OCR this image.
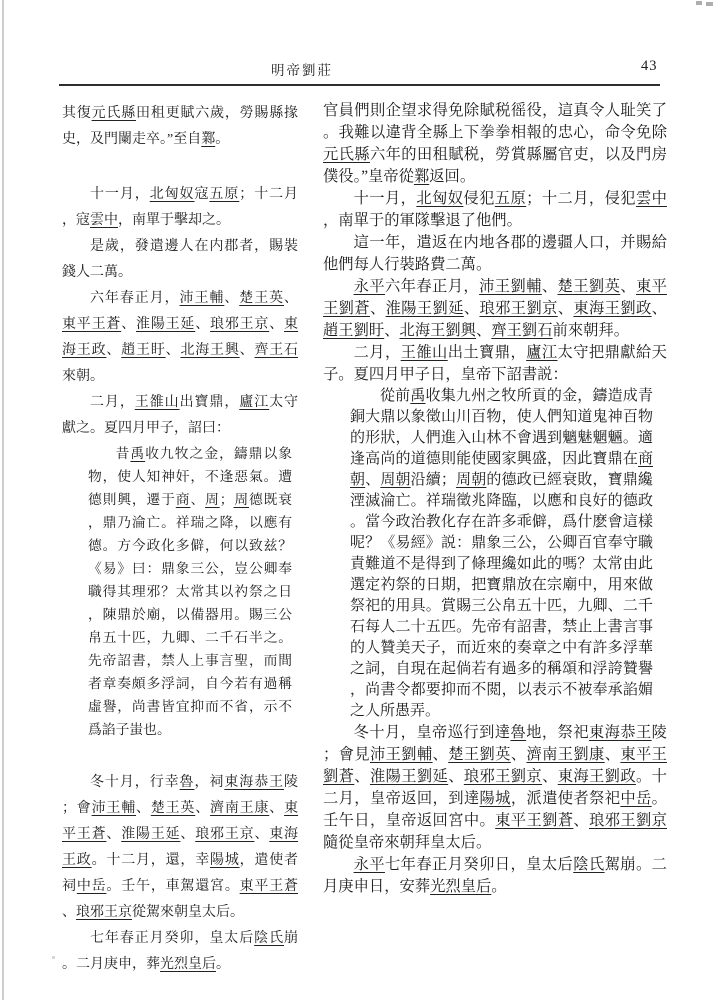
明帝劉莊	43

其復元氏縣田租更賦六歲，勞賜縣掾史，及門闌走卒。”至自鄴。

十一月，北匈奴寇五原；十二月，寇雲中，南單于擊却之。

是歲，發遣邊人在内郡者，賜裝錢人二萬。

六年春正月，沛王輔、楚王英、東平王蒼、淮陽王延、琅邪王京、東海王政、趙王盱、北海王興、齊王石來朝。

二月，王雒山出寶鼎，廬江太守獻之。夏四月甲子，詔曰：

昔禹收九牧之金，鑄鼎以象物，使人知神奸，不逢惡氣。遭德則興，遷于商、周；周德既衰，鼎乃淪亡。祥瑞之降，以應有德。方今政化多僻，何以致兹？《易》曰：鼎象三公，豈公卿奉職得其理邪？太常其以礿祭之日，陳鼎於廟，以備器用。賜三公帛五十匹，九卿、二千石半之。先帝詔書，禁人上事言聖，而間者章奏頗多浮詞，自今若有過稱虛譽，尚書皆宜抑而不省，示不爲諂子蚩也。

冬十月，行幸魯，祠東海恭王陵；會沛王輔、楚王英、濟南王康、東平王蒼、淮陽王延、琅邪王京、東海王政。十二月，還，幸陽城，遣使者祠中岳。壬午，車駕還宮。東平王蒼、琅邪王京從駕來朝皇太后。

七年春正月癸卯，皇太后陰氏崩。二月庚申，葬光烈皇后。

官員們則企望求得免除賦税徭役，這真令人耻笑了。我難以違背全縣上下拳拳相報的忠心，命令免除元氏縣六年的田租賦税，勞賞縣屬官吏，以及門房僕役。”皇帝從鄴返回。

十一月，北匈奴侵犯五原；十二月，侵犯雲中，南單于的軍隊擊退了他們。

這一年，遣返在内地各郡的邊疆人口，并賜給他們每人行裝路費二萬。

永平六年春正月，沛王劉輔、楚王劉英、東平王劉蒼、淮陽王劉延、琅邪王劉京、東海王劉政、趙王劉盱、北海王劉興、齊王劉石前來朝拜。

二月，王雒山出土寶鼎，廬江太守把鼎獻給天子。夏四月甲子日，皇帝下詔書説：

從前禹收集九州之牧所貢的金，鑄造成青銅大鼎以象徵山川百物，使人們知道鬼神百物的形狀，人們進入山林不會遇到魑魅魍魎。適逢高尚的道德則能使國家興盛，因此寶鼎在商朝、周朝沿續；周朝的德政已經衰敗，寶鼎纔湮滅淪亡。祥瑞徵兆降臨，以應和良好的德政。當今政治教化存在許多乖僻，爲什麽會這樣呢？《易經》説：鼎象三公，公卿百官奉守職責難道不是得到了條理纔如此的嗎？太常由此選定礿祭的日期，把寶鼎放在宗廟中，用來做祭祀的用具。賞賜三公帛五十匹，九卿、二千石每人二十五匹。先帝有詔書，禁止上書言事的人贊美天子，而近來的奏章之中有許多浮華之詞，自現在起倘若有過多的稱頌和浮誇贊譽，尚書令都要抑而不閲，以表示不被奉承諂媚之人所愚弄。

冬十月，皇帝巡行到達魯地，祭祀東海恭王陵；會見沛王劉輔、楚王劉英、濟南王劉康、東平王劉蒼、淮陽王劉延、琅邪王劉京、東海王劉政。十二月，皇帝返回，到達陽城，派遣使者祭祀中岳。壬午日，皇帝返回宮中。東平王劉蒼、琅邪王劉京隨從皇帝來朝拜皇太后。

永平七年春正月癸卯日，皇太后陰氏駕崩。二月庚申日，安葬光烈皇后。
